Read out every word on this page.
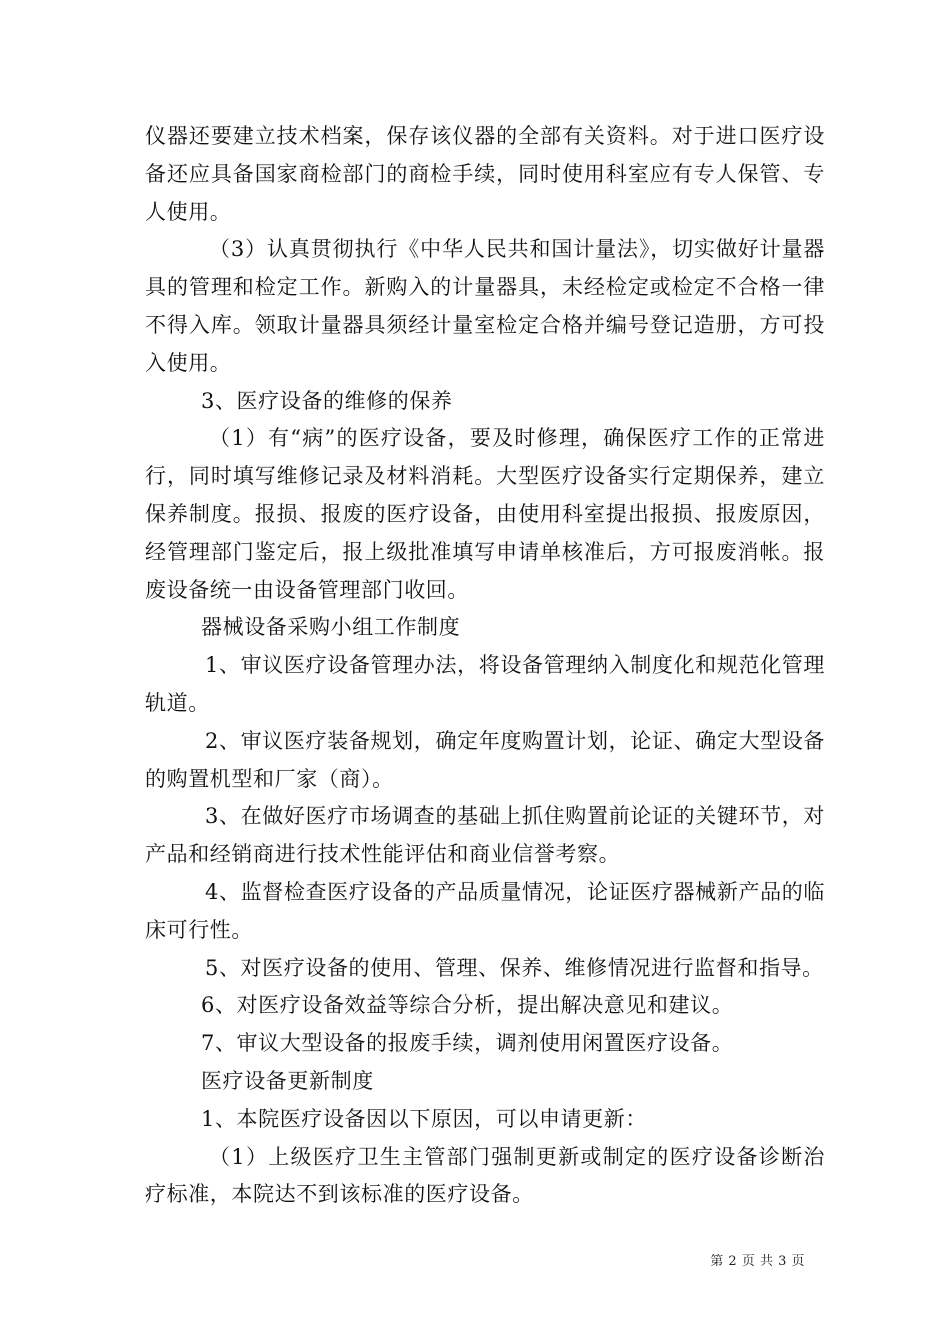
仪器还要建立技术档案，保存该仪器的全部有关资料。对于进口医疗设备还应具备国家商检部门的商检手续，同时使用科室应有专人保管、专人使用。

（3）认真贯彻执行《中华人民共和国计量法》，切实做好计量器具的管理和检定工作。新购入的计量器具，未经检定或检定不合格一律不得入库。领取计量器具须经计量室检定合格并编号登记造册，方可投入使用。

3、医疗设备的维修的保养

（1）有“病”的医疗设备，要及时修理，确保医疗工作的正常进行，同时填写维修记录及材料消耗。大型医疗设备实行定期保养，建立保养制度。报损、报废的医疗设备，由使用科室提出报损、报废原因，经管理部门鉴定后，报上级批准填写申请单核准后，方可报废消帐。报废设备统一由设备管理部门收回。

器械设备采购小组工作制度

1、审议医疗设备管理办法，将设备管理纳入制度化和规范化管理轨道。

2、审议医疗装备规划，确定年度购置计划，论证、确定大型设备的购置机型和厂家（商）。

3、在做好医疗市场调查的基础上抓住购置前论证的关键环节，对产品和经销商进行技术性能评估和商业信誉考察。

4、监督检查医疗设备的产品质量情况，论证医疗器械新产品的临床可行性。

5、对医疗设备的使用、管理、保养、维修情况进行监督和指导。

6、对医疗设备效益等综合分析，提出解决意见和建议。

7、审议大型设备的报废手续，调剂使用闲置医疗设备。

医疗设备更新制度

1、本院医疗设备因以下原因，可以申请更新：

（1）上级医疗卫生主管部门强制更新或制定的医疗设备诊断治疗标准，本院达不到该标准的医疗设备。

第 2 页 共 3 页
